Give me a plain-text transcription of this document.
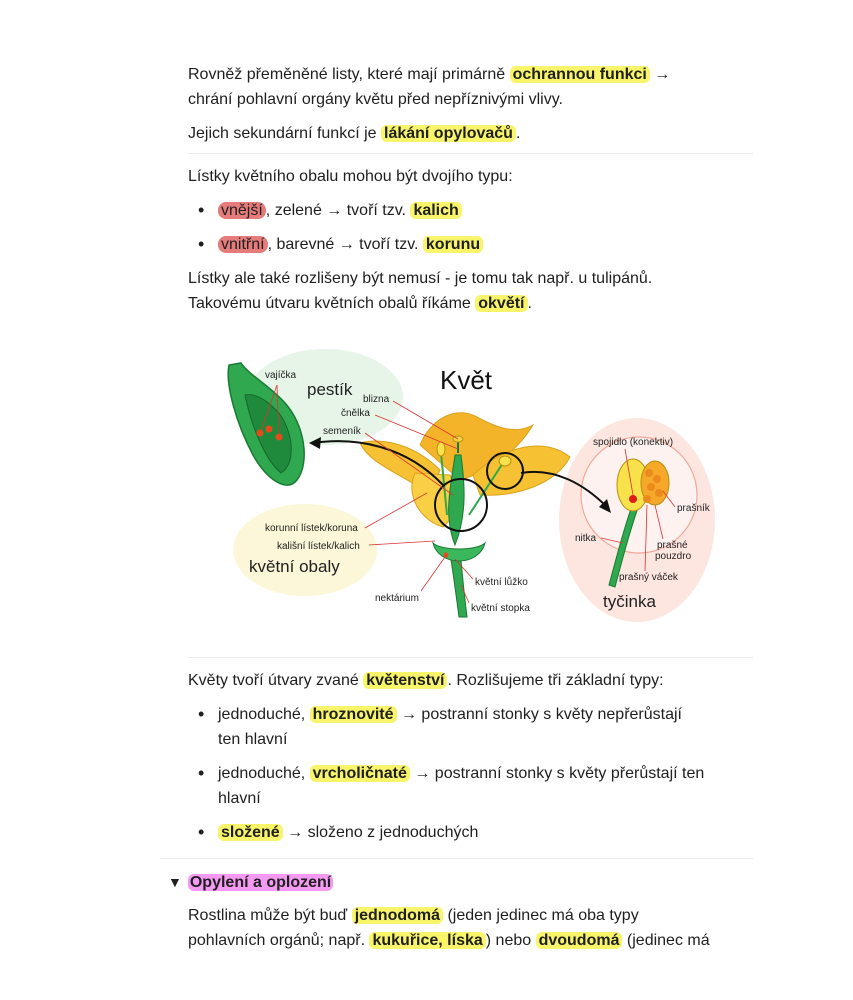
Rovněž přeměněné listy, které mají primárně ochrannou funkci →
chrání pohlavní orgány květu před nepříznivými vlivy.

Jejich sekundární funkcí je lákání opylovačů .

Lístky květního obalu mohou být dvojího typu:

• vnější , zelené → tvoří tzv. kalich
• vnitřní , barevné → tvoří tzv. korunu

Lístky ale také rozlišeny být nemusí - je tomu tak např. u tulipánů.
Takovému útvaru květních obalů říkáme okvětí .

vajíčka
pestík	Květ
blizna
čnělka
semeník
korunní lístek/koruna
kališní lístek/kalich
květní obaly
nektárium
květní lůžko
květní stopka
spojidlo (konektiv)
prašník
nitka
prašné
pouzdro
prašný váček
tyčinka

Květy tvoří útvary zvané květenství . Rozlišujeme tři základní typy:

• jednoduché, hroznovité → postranní stonky s květy nepřerůstají
ten hlavní
• jednoduché, vrcholičnaté → postranní stonky s květy přerůstají ten
hlavní
• složené → složeno z jednoduchých
▼ Opylení a oplození

Rostlina může být buď jednodomá (jeden jedinec má oba typy
pohlavních orgánů; např. kukuřice, líska ) nebo dvoudomá (jedinec má
